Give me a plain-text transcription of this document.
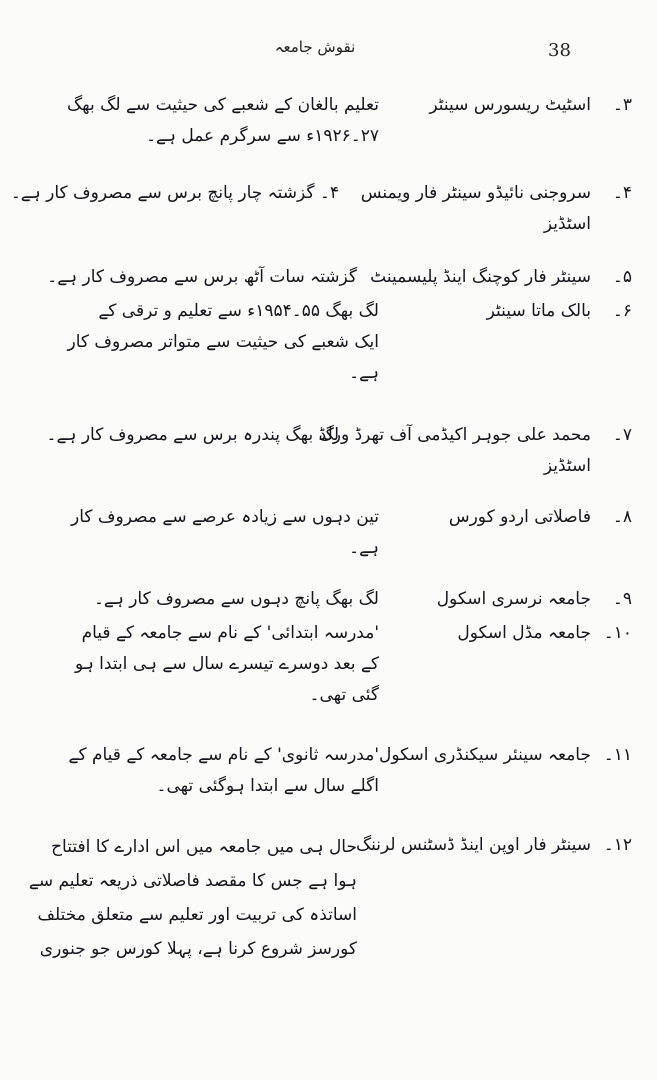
38
نقوش جامعہ
۳۔
اسٹیٹ ریسورس سینٹر
تعلیم بالغان کے شعبے کی حیثیت سے لگ بھگ
۲۷۔۱۹۲۶ء سے سرگرم عمل ہے۔
۴۔
سروجنی نائیڈو سینٹر فار ویمنس
اسٹڈیز
۴۔ گزشتہ چار پانچ برس سے مصروف کار ہے۔
۵۔
سینٹر فار کوچنگ اینڈ پلیسمینٹ
گزشتہ سات آٹھ برس سے مصروف کار ہے۔
۶۔
بالک ماتا سینٹر
لگ بھگ ۵۵۔۱۹۵۴ء سے تعلیم و ترقی کے
ایک شعبے کی حیثیت سے متواتر مصروف کار
ہے۔
۷۔
محمد علی جوہر اکیڈمی آف تھرڈ ورلڈ
اسٹڈیز
لگ بھگ پندرہ برس سے مصروف کار ہے۔
۸۔
فاصلاتی اردو کورس
تین دہوں سے زیادہ عرصے سے مصروف کار
ہے۔
۹۔
جامعہ نرسری اسکول
لگ بھگ پانچ دہوں سے مصروف کار ہے۔
۱۰۔
جامعہ مڈل اسکول
'مدرسہ ابتدائی' کے نام سے جامعہ کے قیام
کے بعد دوسرے تیسرے سال سے ہی ابتدا ہو
گئی تھی۔
۱۱۔
جامعہ سینئر سیکنڈری اسکول
'مدرسہ ثانوی' کے نام سے جامعہ کے قیام کے
اگلے سال سے ابتدا ہوگئی تھی۔
۱۲۔
سینٹر فار اوپن اینڈ ڈسٹنس لرننگ
حال ہی میں جامعہ میں اس ادارے کا افتتاح
ہوا ہے جس کا مقصد فاصلاتی ذریعہ تعلیم سے
اساتذہ کی تربیت اور تعلیم سے متعلق مختلف
کورسز شروع کرنا ہے، پہلا کورس جو جنوری
